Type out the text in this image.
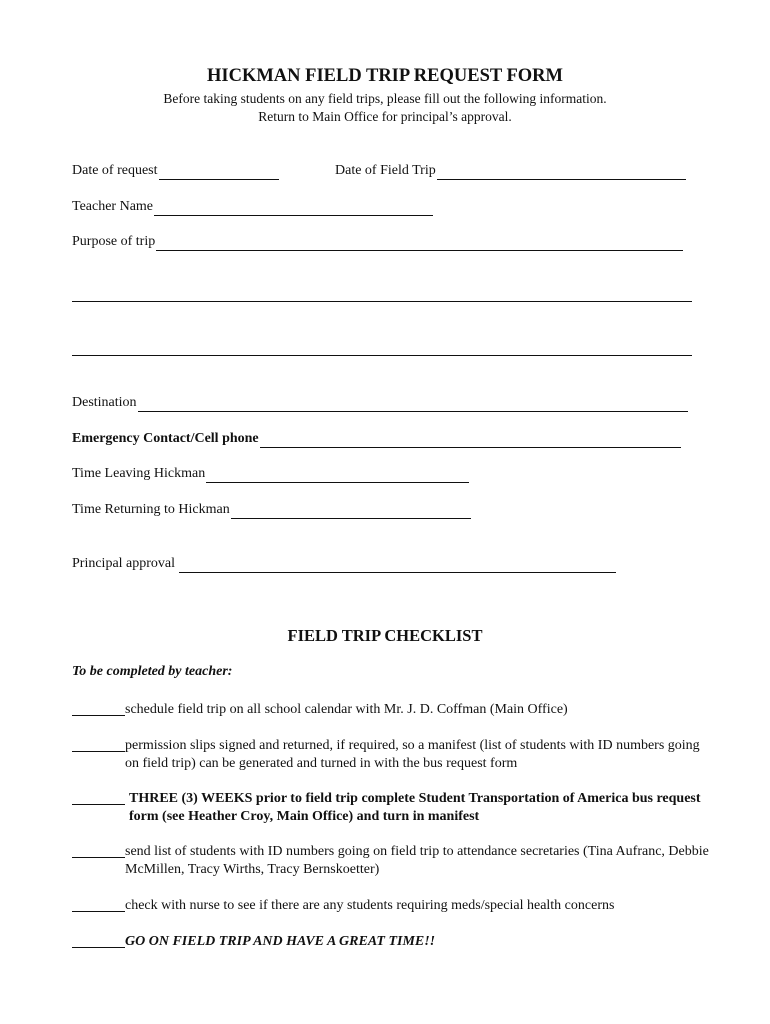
HICKMAN FIELD TRIP REQUEST FORM
Before taking students on any field trips, please fill out the following information.
Return to Main Office for principal’s approval.
Date of request	Date of Field Trip
Teacher Name
Purpose of trip
Destination
Emergency Contact/Cell phone
Time Leaving Hickman
Time Returning to Hickman
Principal approval
FIELD TRIP CHECKLIST
To be completed by teacher:
schedule field trip on all school calendar with Mr. J. D. Coffman (Main Office)
permission slips signed and returned, if required, so a manifest (list of students with ID numbers going on field trip) can be generated and turned in with the bus request form
THREE (3) WEEKS prior to field trip complete Student Transportation of America bus request form (see Heather Croy, Main Office) and turn in manifest
send list of students with ID numbers going on field trip to attendance secretaries (Tina Aufranc, Debbie McMillen, Tracy Wirths, Tracy Bernskoetter)
check with nurse to see if there are any students requiring meds/special health concerns
GO ON FIELD TRIP AND HAVE A GREAT TIME!!
